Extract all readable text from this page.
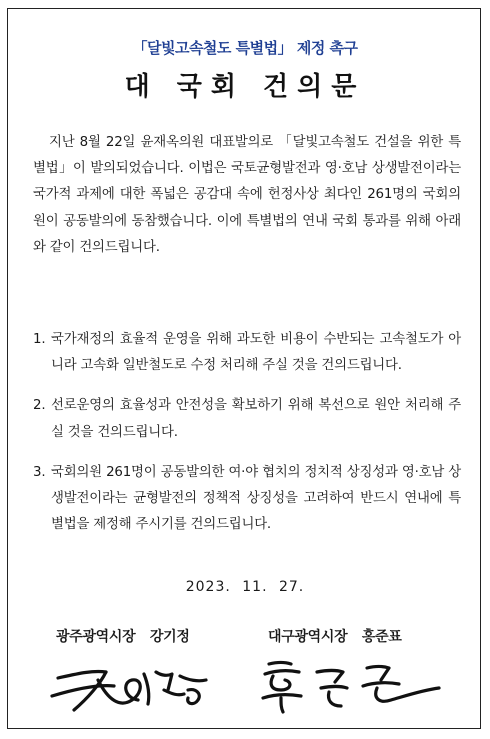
「달빛고속철도 특별법」 제정 촉구
대 국회 건의문

지난 8월 22일 윤재옥의원 대표발의로 「달빛고속철도 건설을 위한 특별법」이 발의되었습니다. 이법은 국토균형발전과 영·호남 상생발전이라는 국가적 과제에 대한 폭넓은 공감대 속에 헌정사상 최다인 261명의 국회의원이 공동발의에 동참했습니다. 이에 특별법의 연내 국회 통과를 위해 아래와 같이 건의드립니다.

1. 국가재정의 효율적 운영을 위해 과도한 비용이 수반되는 고속철도가 아니라 고속화 일반철도로 수정 처리해 주실 것을 건의드립니다.
2. 선로운영의 효율성과 안전성을 확보하기 위해 복선으로 원안 처리해 주실 것을 건의드립니다.
3. 국회의원 261명이 공동발의한 여·야 협치의 정치적 상징성과 영·호남 상생발전이라는 균형발전의 정책적 상징성을 고려하여 반드시 연내에 특별법을 제정해 주시기를 건의드립니다.
2023. 11. 27.
광주광역시장 강기정	대구광역시장 홍준표
